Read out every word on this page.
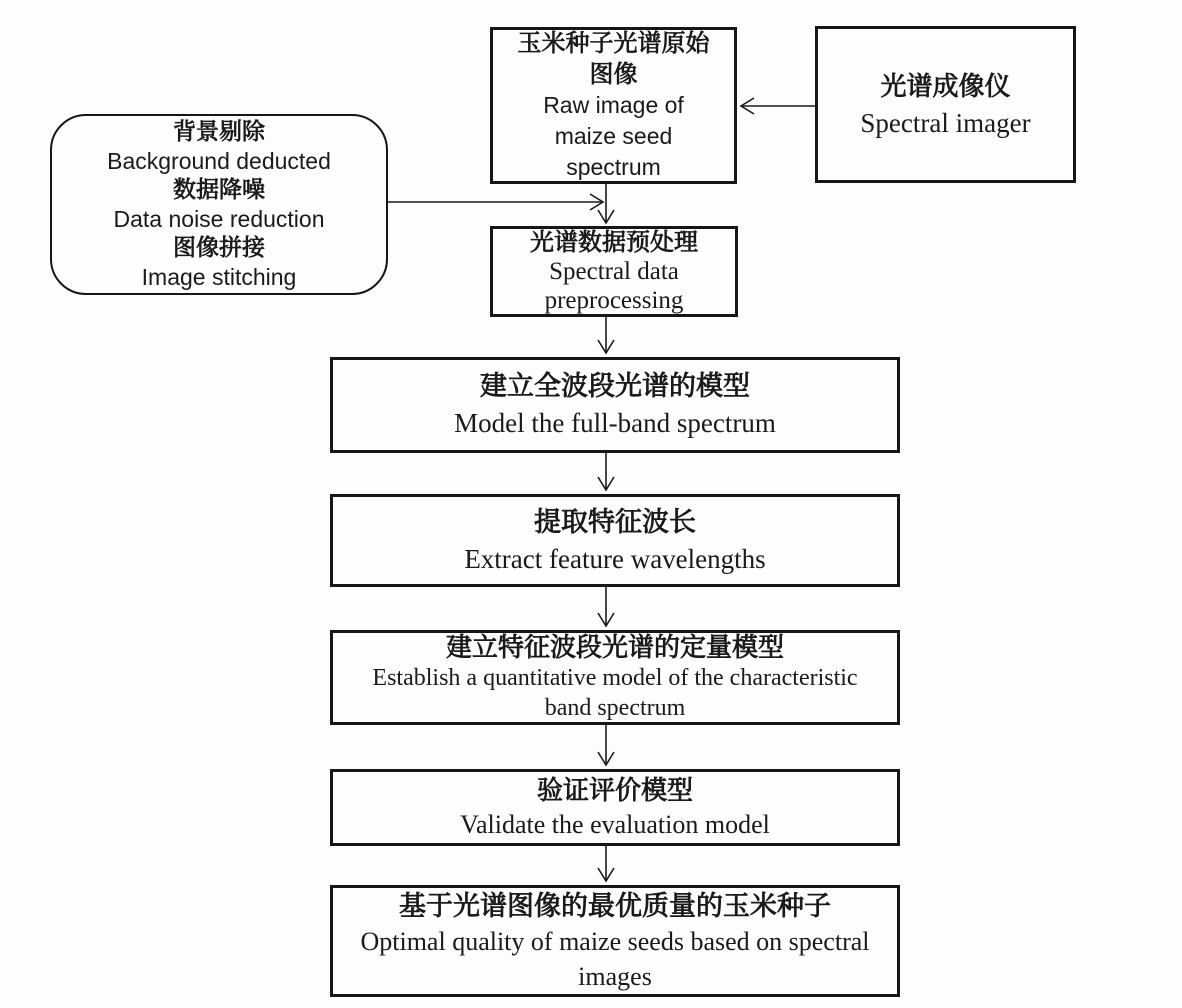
背景剔除
Background deducted
数据降噪
Data noise reduction
图像拼接
Image stitching
玉米种子光谱原始
图像
Raw image of
maize seed
spectrum
光谱成像仪
Spectral imager
光谱数据预处理
Spectral data
preprocessing
建立全波段光谱的模型
Model the full-band spectrum
提取特征波长
Extract feature wavelengths
建立特征波段光谱的定量模型
Establish a quantitative model of the characteristic
band spectrum
验证评价模型
Validate the evaluation model
基于光谱图像的最优质量的玉米种子
Optimal quality of maize seeds based on spectral
images
